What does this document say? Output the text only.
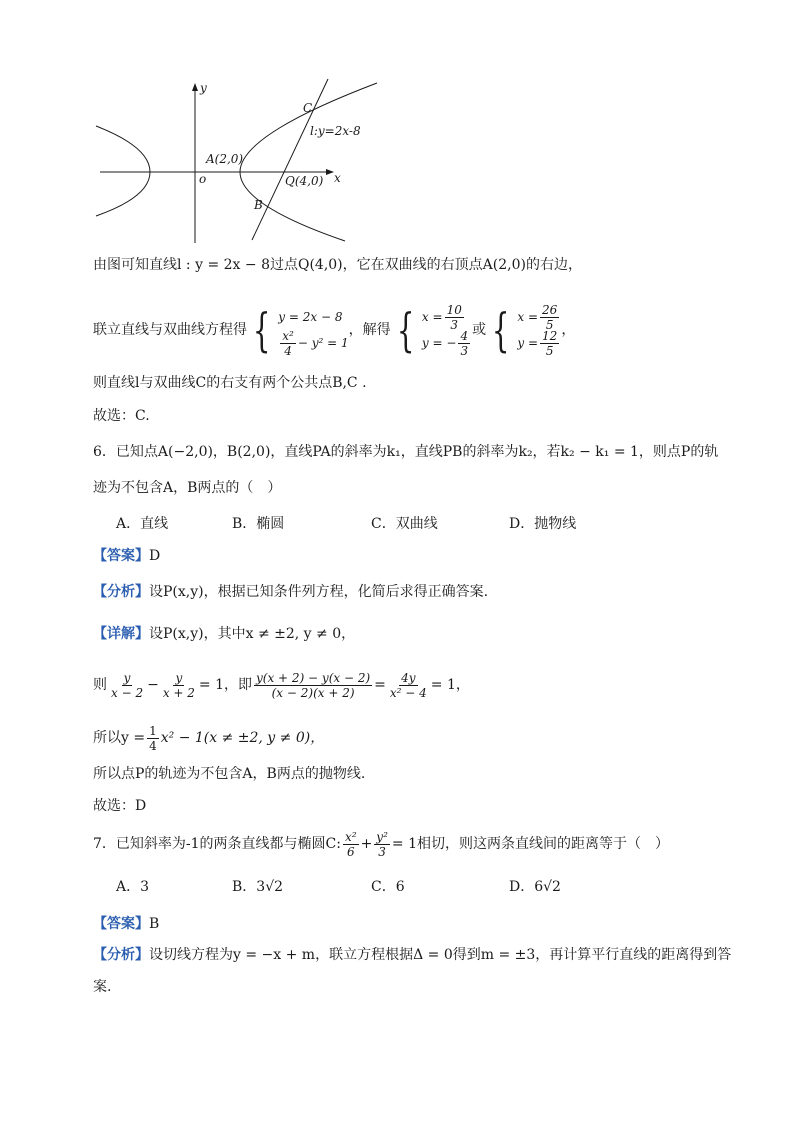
y
x
o
A(2,0)
Q(4,0)
C
B
l:y=2x-8
由图可知直线l : y = 2x − 8过点Q(4,0)，它在双曲线的右顶点A(2,0)的右边，
联立直线与双曲线方程得 { y = 2x − 8
$\frac{\text{x²}}{4} - y^2 = 1$
，解得 { $x = \frac{10}{3}$
y = − $\frac{4}{3}$ 或 { $x = \frac{26}{5}$
$y = \frac{12}{5}$ ，
则直线l与双曲线C的右支有两个公共点B,C .
故选：C.
6．已知点A(−2,0)，B(2,0)，直线PA的斜率为k₁，直线PB的斜率为k₂，若k₂ − k₁ = 1，则点P的轨
迹为不包含A，B两点的（　）
A．直线	B．椭圆	C．双曲线	D．抛物线
【答案】D
【分析】设P(x,y)，根据已知条件列方程，化简后求得正确答案.
【详解】设P(x,y)，其中x ≠ ±2, y ≠ 0，
则 $\frac{y}{x - 2} - \frac{y}{x + 2} = 1$，即 $\frac{y(x + 2) - y(x - 2)}{(x - 2)(x + 2)} = \frac{4y}{\text{x² − 4}} = 1$，
所以$y = \frac{1}{4} x^2 - 1(x \ne \pm 2$, y ≠ 0)，
所以点P的轨迹为不包含A，B两点的抛物线.
故选：D
7．已知斜率为-1的两条直线都与椭圆C: $\frac{\text{x²}}{6} + \frac{\text{y²}}{3} = 1$相切，则这两条直线间的距离等于（　）
A．3	B．3√2	C．6	D．6√2
【答案】B
【分析】设切线方程为y = −x + m，联立方程根据Δ = 0得到m = ±3，再计算平行直线的距离得到答
案.
